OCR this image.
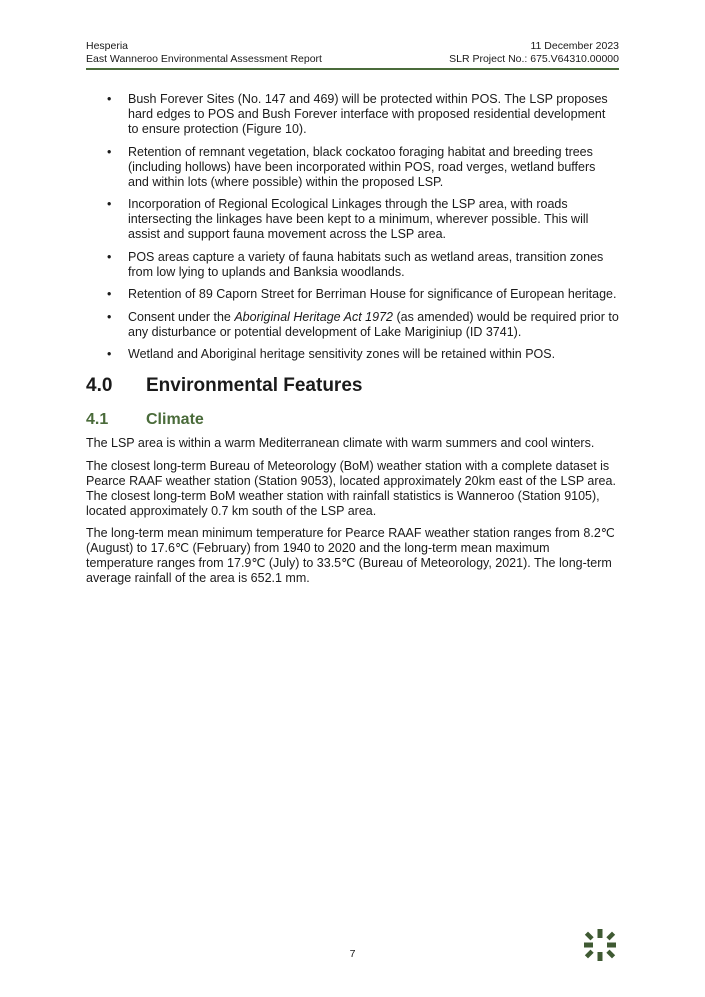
Hesperia	11 December 2023
East Wanneroo Environmental Assessment Report	SLR Project No.: 675.V64310.00000
• Bush Forever Sites (No. 147 and 469) will be protected within POS. The LSP proposes hard edges to POS and Bush Forever interface with proposed residential development to ensure protection (Figure 10).
• Retention of remnant vegetation, black cockatoo foraging habitat and breeding trees (including hollows) have been incorporated within POS, road verges, wetland buffers and within lots (where possible) within the proposed LSP.
• Incorporation of Regional Ecological Linkages through the LSP area, with roads intersecting the linkages have been kept to a minimum, wherever possible. This will assist and support fauna movement across the LSP area.
• POS areas capture a variety of fauna habitats such as wetland areas, transition zones from low lying to uplands and Banksia woodlands.
• Retention of 89 Caporn Street for Berriman House for significance of European heritage.
• Consent under the Aboriginal Heritage Act 1972 (as amended) would be required prior to any disturbance or potential development of Lake Mariginiup (ID 3741).
• Wetland and Aboriginal heritage sensitivity zones will be retained within POS.
4.0	Environmental Features
4.1	Climate

The LSP area is within a warm Mediterranean climate with warm summers and cool winters.

The closest long-term Bureau of Meteorology (BoM) weather station with a complete dataset is Pearce RAAF weather station (Station 9053), located approximately 20km east of the LSP area. The closest long-term BoM weather station with rainfall statistics is Wanneroo (Station 9105), located approximately 0.7 km south of the LSP area.

The long-term mean minimum temperature for Pearce RAAF weather station ranges from 8.2℃ (August) to 17.6℃ (February) from 1940 to 2020 and the long-term mean maximum temperature ranges from 17.9℃ (July) to 33.5℃ (Bureau of Meteorology, 2021). The long-term average rainfall of the area is 652.1 mm.

7
